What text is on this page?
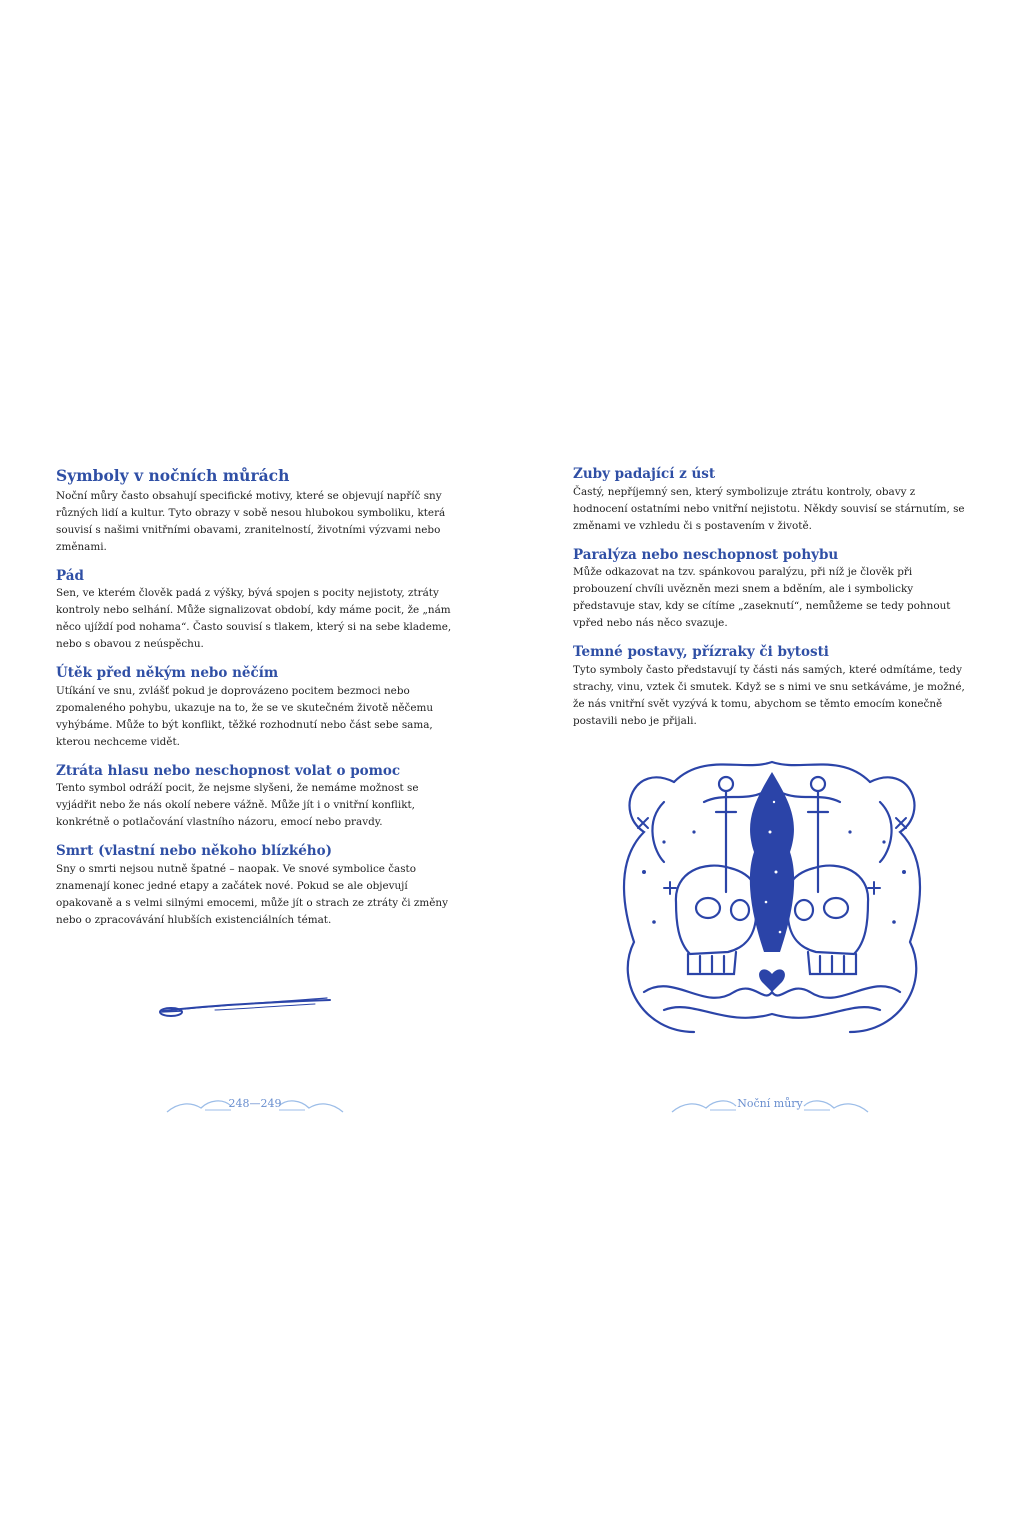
Symboly v nočních můrách

Noční můry často obsahují specifické motivy, které se objevují napříč sny různých lidí a kultur. Tyto obrazy v sobě nesou hlubokou symboliku, která souvisí s našimi vnitřními obavami, zranitelností, životními výzvami nebo změnami.

Pád

Sen, ve kterém člověk padá z výšky, bývá spojen s pocity nejistoty, ztráty kontroly nebo selhání. Může signalizovat období, kdy máme pocit, že „nám něco ujíždí pod nohama“. Často souvisí s tlakem, který si na sebe klademe, nebo s obavou z neúspěchu.

Útěk před někým nebo něčím

Utíkání ve snu, zvlášť pokud je doprovázeno pocitem bezmoci nebo zpomaleného pohybu, ukazuje na to, že se ve skutečném životě něčemu vyhýbáme. Může to být konflikt, těžké rozhodnutí nebo část sebe sama, kterou nechceme vidět.

Ztráta hlasu nebo neschopnost volat o pomoc

Tento symbol odráží pocit, že nejsme slyšeni, že nemáme možnost se vyjádřit nebo že nás okolí nebere vážně. Může jít i o vnitřní konflikt, konkrétně o potlačování vlastního názoru, emocí nebo pravdy.

Smrt (vlastní nebo někoho blízkého)

Sny o smrti nejsou nutně špatné – naopak. Ve snové symbolice často znamenají konec jedné etapy a začátek nové. Pokud se ale objevují opakovaně a s velmi silnými emocemi, může jít o strach ze ztráty či změny nebo o zpracovávání hlubších existenciálních témat.

248—249
Zuby padající z úst

Častý, nepříjemný sen, který symbolizuje ztrátu kontroly, obavy z hodnocení ostatními nebo vnitřní nejistotu. Někdy souvisí se stárnutím, se změnami ve vzhledu či s postavením v životě.

Paralýza nebo neschopnost pohybu

Může odkazovat na tzv. spánkovou paralýzu, při níž je člověk při probouzení chvíli uvězněn mezi snem a bděním, ale i symbolicky představuje stav, kdy se cítíme „zaseknutí“, nemůžeme se tedy pohnout vpřed nebo nás něco svazuje.

Temné postavy, přízraky či bytosti

Tyto symboly často představují ty části nás samých, které odmítáme, tedy strachy, vinu, vztek či smutek. Když se s nimi ve snu setkáváme, je možné, že nás vnitřní svět vyzývá k tomu, abychom se těmto emocím konečně postavili nebo je přijali.

Noční můry
